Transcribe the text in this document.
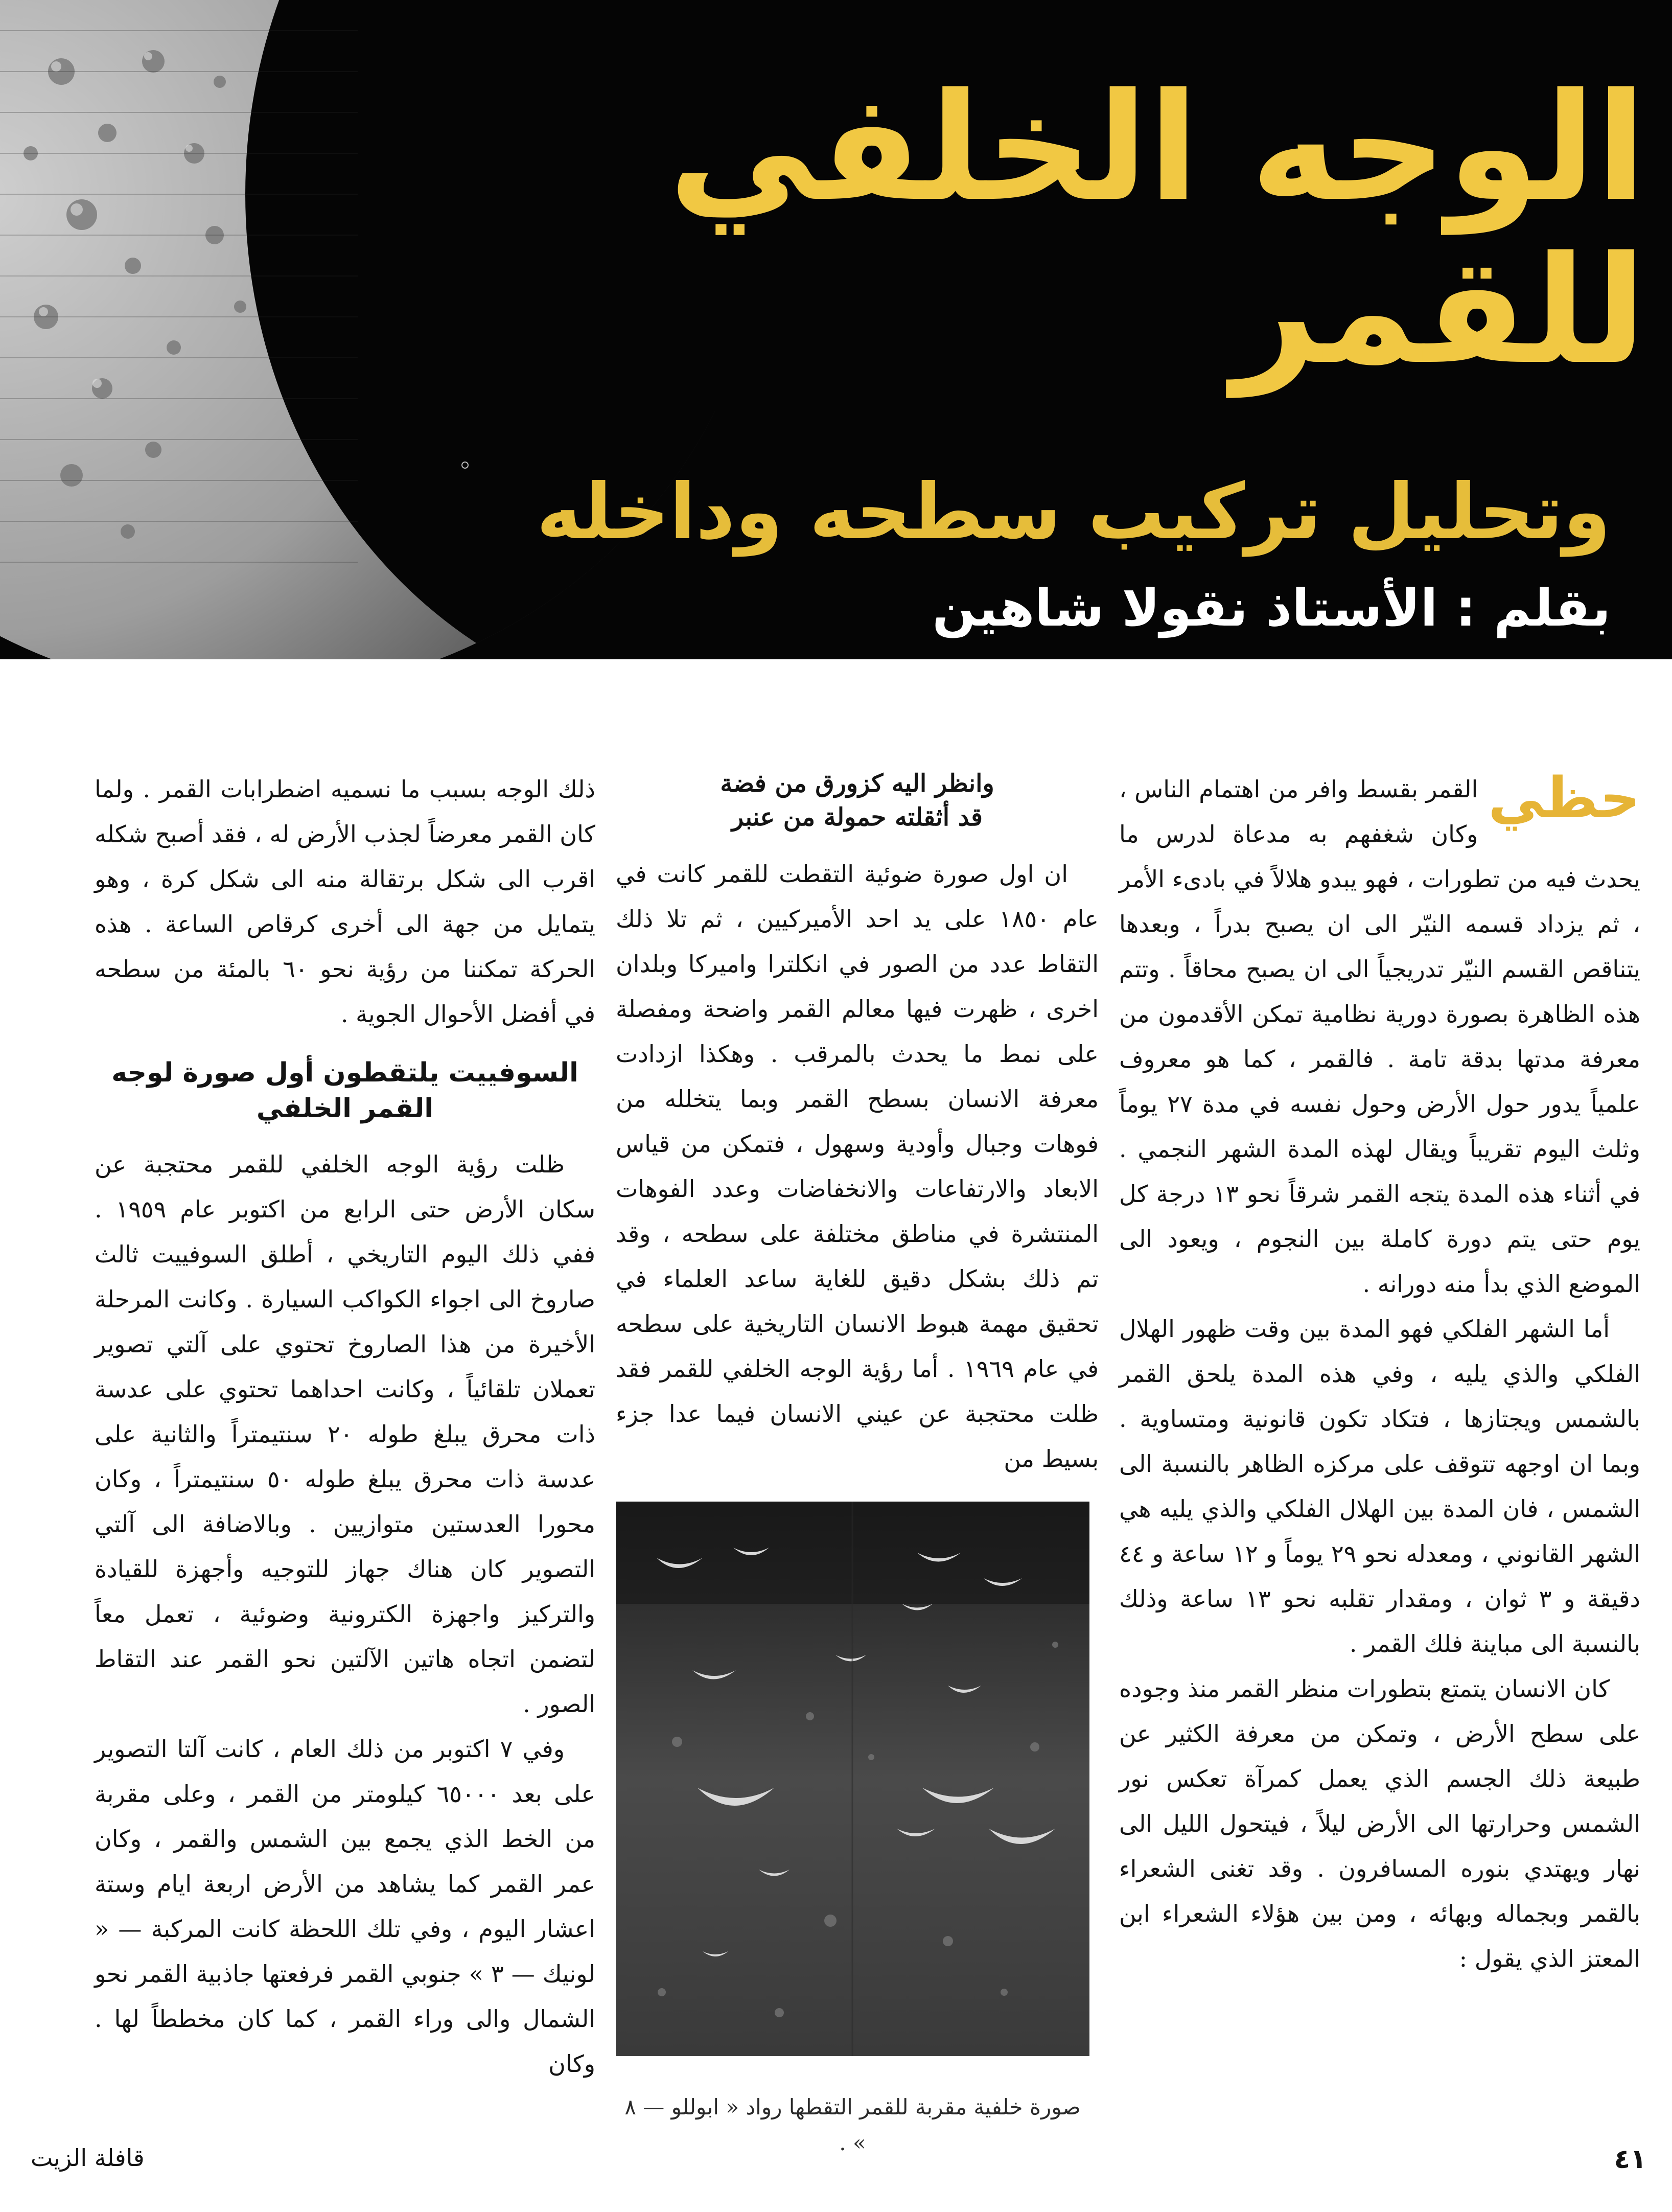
الوجه الخلفي للقمر
وتحليل تركيب سطحه وداخله
بقلم : الأستاذ نقولا شاهين

حظي
القمر بقسط وافر من اهتمام الناس ، وكان شغفهم به مدعاة لدرس ما يحدث فيه من تطورات ، فهو يبدو هلالاً في بادىء الأمر ، ثم يزداد قسمه النيّر الى ان يصبح بدراً ، وبعدها يتناقص القسم النيّر تدريجياً الى ان يصبح محاقاً . وتتم هذه الظاهرة بصورة دورية نظامية تمكن الأقدمون من معرفة مدتها بدقة تامة . فالقمر ، كما هو معروف علمياً يدور حول الأرض وحول نفسه في مدة ٢٧ يوماً وثلث اليوم تقريباً ويقال لهذه المدة الشهر النجمي . في أثناء هذه المدة يتجه القمر شرقاً نحو ١٣ درجة كل يوم حتى يتم دورة كاملة بين النجوم ، ويعود الى الموضع الذي بدأ منه دورانه .

أما الشهر الفلكي فهو المدة بين وقت ظهور الهلال الفلكي والذي يليه ، وفي هذه المدة يلحق القمر بالشمس ويجتازها ، فتكاد تكون قانونية ومتساوية . وبما ان اوجهه تتوقف على مركزه الظاهر بالنسبة الى الشمس ، فان المدة بين الهلال الفلكي والذي يليه هي الشهر القانوني ، ومعدله نحو ٢٩ يوماً و ١٢ ساعة و ٤٤ دقيقة و ٣ ثوان ، ومقدار تقلبه نحو ١٣ ساعة وذلك بالنسبة الى مباينة فلك القمر .

كان الانسان يتمتع بتطورات منظر القمر منذ وجوده على سطح الأرض ، وتمكن من معرفة الكثير عن طبيعة ذلك الجسم الذي يعمل كمرآة تعكس نور الشمس وحرارتها الى الأرض ليلاً ، فيتحول الليل الى نهار ويهتدي بنوره المسافرون . وقد تغنى الشعراء بالقمر وبجماله وبهائه ، ومن بين هؤلاء الشعراء ابن المعتز الذي يقول :

وانظر اليه كزورق من فضة

قد أثقلته حمولة من عنبر

ان اول صورة ضوئية التقطت للقمر كانت في عام ١٨٥٠ على يد احد الأميركيين ، ثم تلا ذلك التقاط عدد من الصور في انكلترا واميركا وبلدان اخرى ، ظهرت فيها معالم القمر واضحة ومفصلة على نمط ما يحدث بالمرقب . وهكذا ازدادت معرفة الانسان بسطح القمر وبما يتخلله من فوهات وجبال وأودية وسهول ، فتمكن من قياس الابعاد والارتفاعات والانخفاضات وعدد الفوهات المنتشرة في مناطق مختلفة على سطحه ، وقد تم ذلك بشكل دقيق للغاية ساعد العلماء في تحقيق مهمة هبوط الانسان التاريخية على سطحه في عام ١٩٦٩ . أما رؤية الوجه الخلفي للقمر فقد ظلت محتجبة عن عيني الانسان فيما عدا جزء بسيط من

صورة خلفية مقربة للقمر التقطها رواد « ابوللو — ٨ » .

ذلك الوجه بسبب ما نسميه اضطرابات القمر . ولما كان القمر معرضاً لجذب الأرض له ، فقد أصبح شكله اقرب الى شكل برتقالة منه الى شكل كرة ، وهو يتمايل من جهة الى أخرى كرقاص الساعة . هذه الحركة تمكننا من رؤية نحو ٦٠ بالمئة من سطحه في أفضل الأحوال الجوية .

السوفييت يلتقطون أول صورة لوجه القمر الخلفي

ظلت رؤية الوجه الخلفي للقمر محتجبة عن سكان الأرض حتى الرابع من اكتوبر عام ١٩٥٩ . ففي ذلك اليوم التاريخي ، أطلق السوفييت ثالث صاروخ الى اجواء الكواكب السيارة . وكانت المرحلة الأخيرة من هذا الصاروخ تحتوي على آلتي تصوير تعملان تلقائياً ، وكانت احداهما تحتوي على عدسة ذات محرق يبلغ طوله ٢٠ سنتيمتراً والثانية على عدسة ذات محرق يبلغ طوله ٥٠ سنتيمتراً ، وكان محورا العدستين متوازيين . وبالاضافة الى آلتي التصوير كان هناك جهاز للتوجيه وأجهزة للقيادة والتركيز واجهزة الكترونية وضوئية ، تعمل معاً لتضمن اتجاه هاتين الآلتين نحو القمر عند التقاط الصور .

وفي ٧ اكتوبر من ذلك العام ، كانت آلتا التصوير على بعد ٦٥٠٠٠ كيلومتر من القمر ، وعلى مقربة من الخط الذي يجمع بين الشمس والقمر ، وكان عمر القمر كما يشاهد من الأرض اربعة ايام وستة اعشار اليوم ، وفي تلك اللحظة كانت المركبة — « لونيك — ٣ » جنوبي القمر فرفعتها جاذبية القمر نحو الشمال والى وراء القمر ، كما كان مخططاً لها . وكان

٤١
قافلة الزيت
